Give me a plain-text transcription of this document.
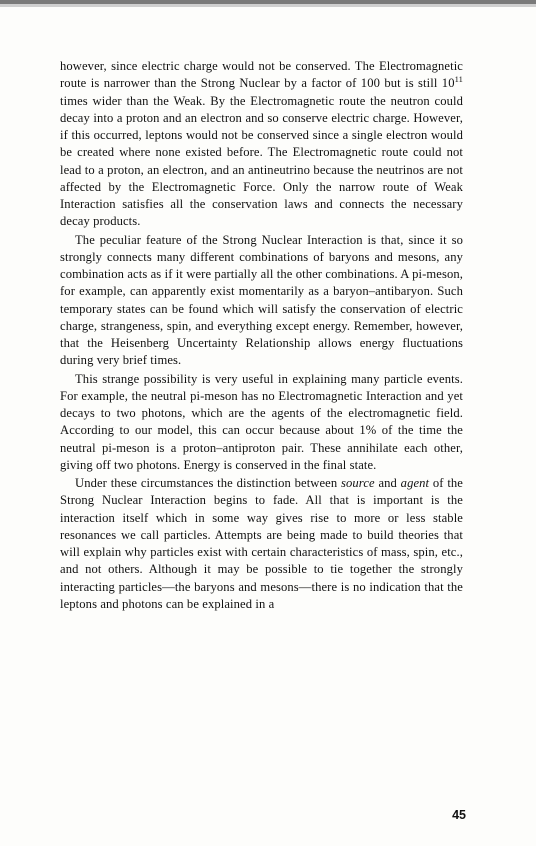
however, since electric charge would not be conserved. The Electromagnetic route is narrower than the Strong Nuclear by a factor of 100 but is still $10^{11}$ times wider than the Weak. By the Electromagnetic route the neutron could decay into a proton and an electron and so conserve electric charge. However, if this occurred, leptons would not be conserved since a single electron would be created where none existed before. The Electromagnetic route could not lead to a proton, an electron, and an antineutrino because the neutrinos are not affected by the Electromagnetic Force. Only the narrow route of Weak Interaction satisfies all the conservation laws and connects the necessary decay products.

The peculiar feature of the Strong Nuclear Interaction is that, since it so strongly connects many different combinations of baryons and mesons, any combination acts as if it were partially all the other combinations. A pi-meson, for example, can apparently exist momentarily as a baryon–antibaryon. Such temporary states can be found which will satisfy the conservation of electric charge, strangeness, spin, and everything except energy. Remember, however, that the Heisenberg Uncertainty Relationship allows energy fluctuations during very brief times.

This strange possibility is very useful in explaining many particle events. For example, the neutral pi-meson has no Electromagnetic Interaction and yet decays to two photons, which are the agents of the electromagnetic field. According to our model, this can occur because about 1% of the time the neutral pi-meson is a proton–antiproton pair. These annihilate each other, giving off two photons. Energy is conserved in the final state.

Under these circumstances the distinction between source and agent of the Strong Nuclear Interaction begins to fade. All that is important is the interaction itself which in some way gives rise to more or less stable resonances we call particles. Attempts are being made to build theories that will explain why particles exist with certain characteristics of mass, spin, etc., and not others. Although it may be possible to tie together the strongly interacting particles—the baryons and mesons—there is no indication that the leptons and photons can be explained in a

45
